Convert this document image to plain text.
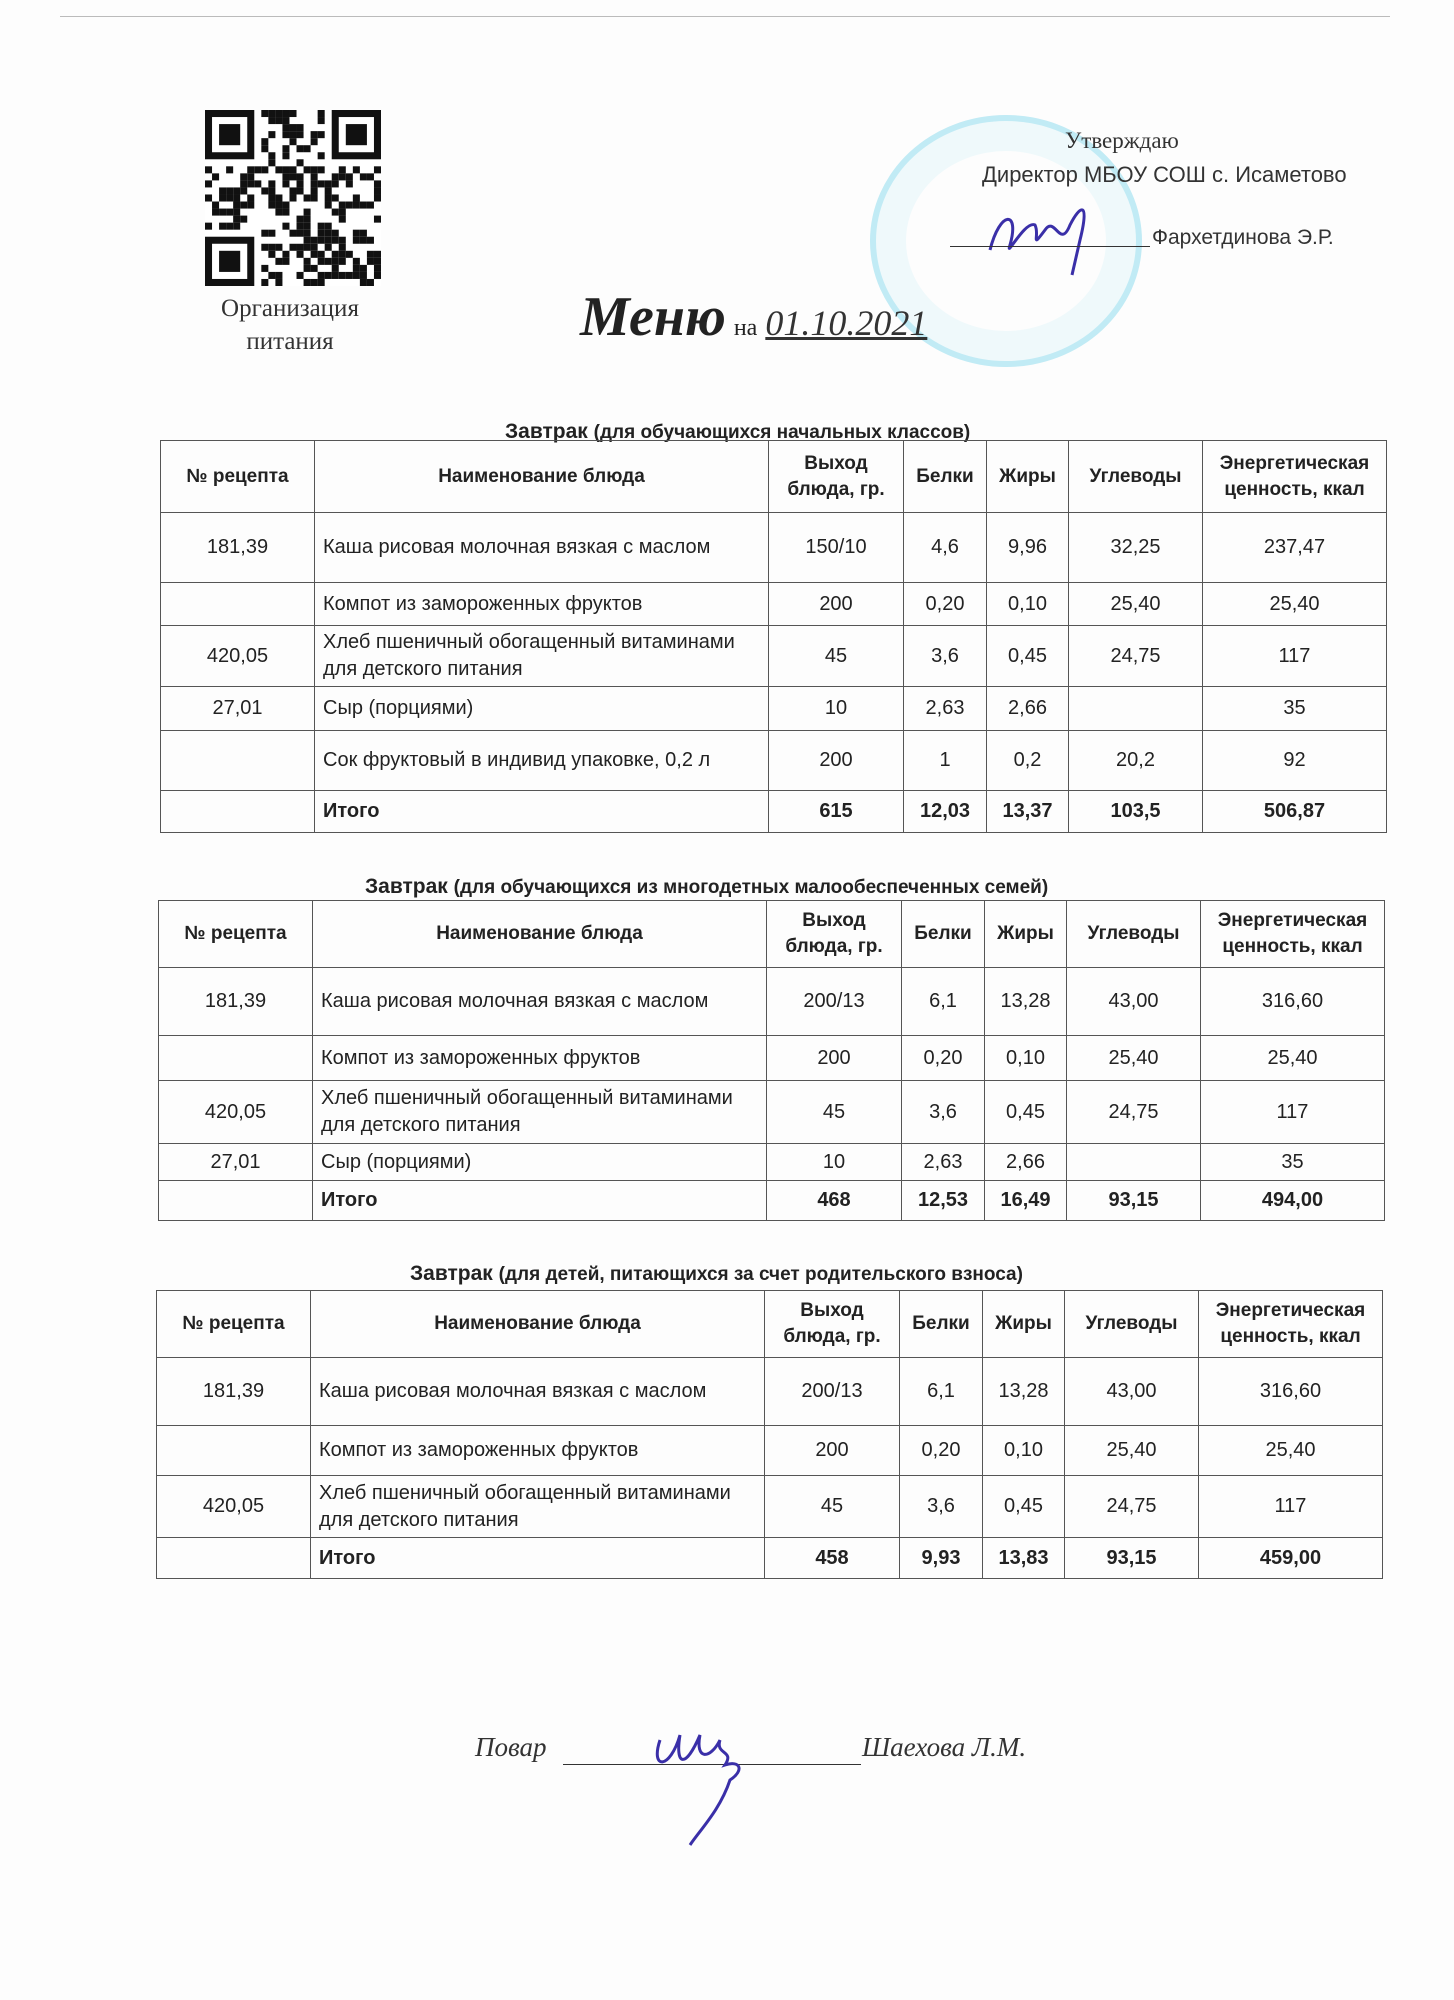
Организация питания
Утверждаю
Директор МБОУ СОШ с. Исаметово
Фархетдинова Э.Р.
Меню на 01.10.2021
Завтрак (для обучающихся начальных классов)
№ рецепта	Наименование блюда	Выход блюда, гр.	Белки	Жиры	Углеводы	Энергетическая ценность, ккал
181,39	Каша рисовая молочная вязкая с маслом	150/10	4,6	9,96	32,25	237,47
	Компот из замороженных фруктов	200	0,20	0,10	25,40	25,40
420,05	Хлеб пшеничный обогащенный витаминами для детского питания	45	3,6	0,45	24,75	117
27,01	Сыр (порциями)	10	2,63	2,66		35
	Сок фруктовый в индивид упаковке, 0,2 л	200	1	0,2	20,2	92
	Итого	615	12,03	13,37	103,5	506,87
Завтрак (для обучающихся из многодетных малообеспеченных семей)
№ рецепта	Наименование блюда	Выход блюда, гр.	Белки	Жиры	Углеводы	Энергетическая ценность, ккал
181,39	Каша рисовая молочная вязкая с маслом	200/13	6,1	13,28	43,00	316,60
	Компот из замороженных фруктов	200	0,20	0,10	25,40	25,40
420,05	Хлеб пшеничный обогащенный витаминами для детского питания	45	3,6	0,45	24,75	117
27,01	Сыр (порциями)	10	2,63	2,66		35
	Итого	468	12,53	16,49	93,15	494,00
Завтрак (для детей, питающихся за счет родительского взноса)
№ рецепта	Наименование блюда	Выход блюда, гр.	Белки	Жиры	Углеводы	Энергетическая ценность, ккал
181,39	Каша рисовая молочная вязкая с маслом	200/13	6,1	13,28	43,00	316,60
	Компот из замороженных фруктов	200	0,20	0,10	25,40	25,40
420,05	Хлеб пшеничный обогащенный витаминами для детского питания	45	3,6	0,45	24,75	117
	Итого	458	9,93	13,83	93,15	459,00
Повар	Шаехова Л.М.
